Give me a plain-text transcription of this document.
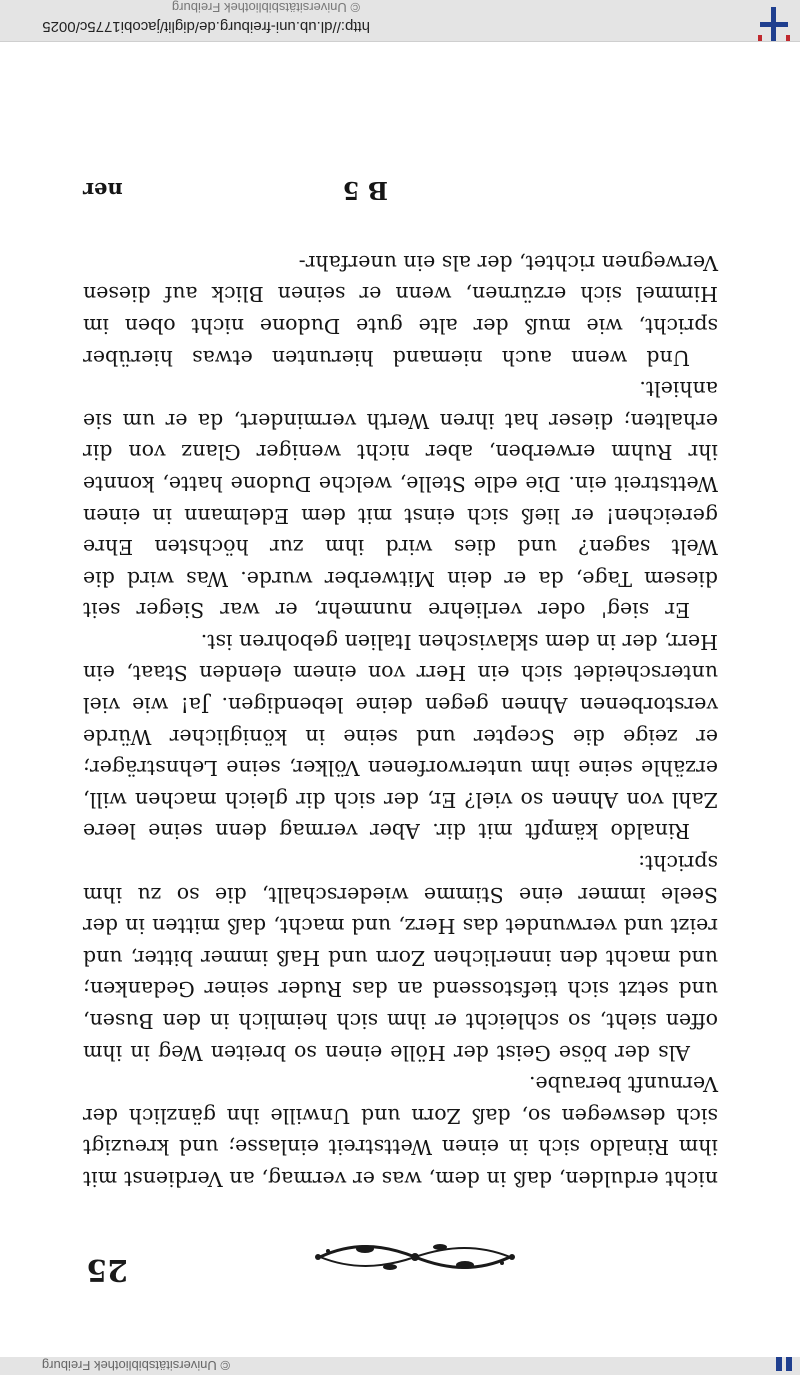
© Universitätsbibliothek Freiburg
25

nicht erdulden, daß in dem, was er vermag, an Verdienst mit ihm Rinaldo sich in einen Wettstreit einlasse; und kreuzigt sich deswegen so, daß Zorn und Unwille ihn gänzlich der Vernunft beraube.

Als der böse Geist der Hölle einen so breiten Weg in ihm offen sieht, so schleicht er ihm sich heimlich in den Busen, und setzt sich tiefstossend an das Ruder seiner Gedanken; und macht den innerlichen Zorn und Haß immer bitter, und reizt und verwundet das Herz, und macht, daß mitten in der Seele immer eine Stimme wiederschallt, die so zu ihm spricht:

Rinaldo kämpft mit dir. Aber vermag denn seine leere Zahl von Ahnen so viel? Er, der sich dir gleich machen will, erzähle seine ihm unterworfenen Völker, seine Lehnsträger; er zeige die Scepter und seine in königlicher Würde verstorbenen Ahnen gegen deine lebendigen. Ja! wie viel unterscheidet sich ein Herr von einem elenden Staat, ein Herr, der in dem sklavischen Italien gebohren ist.

Er sieg' oder verliehre nunmehr, er war Sieger seit diesem Tage, da er dein Mitwerber wurde. Was wird die Welt sagen? und dies wird ihm zur höchsten Ehre gereichen! er ließ sich einst mit dem Edelmann in einen Wettstreit ein. Die edle Stelle, welche Dudone hatte, konnte ihr Ruhm erwerben, aber nicht weniger Glanz von dir erhalten; dieser hat ihren Werth vermindert, da er um sie anhielt.

Und wenn auch niemand hierunten etwas hierüber spricht, wie muß der alte gute Dudone nicht oben im Himmel sich erzürnen, wenn er seinen Blick auf diesen Verwegnen richtet, der als ein unerfahr-

B 5
ner
http://dl.ub.uni-freiburg.de/diglit/jacobi1775c/0025
© Universitätsbibliothek Freiburg
